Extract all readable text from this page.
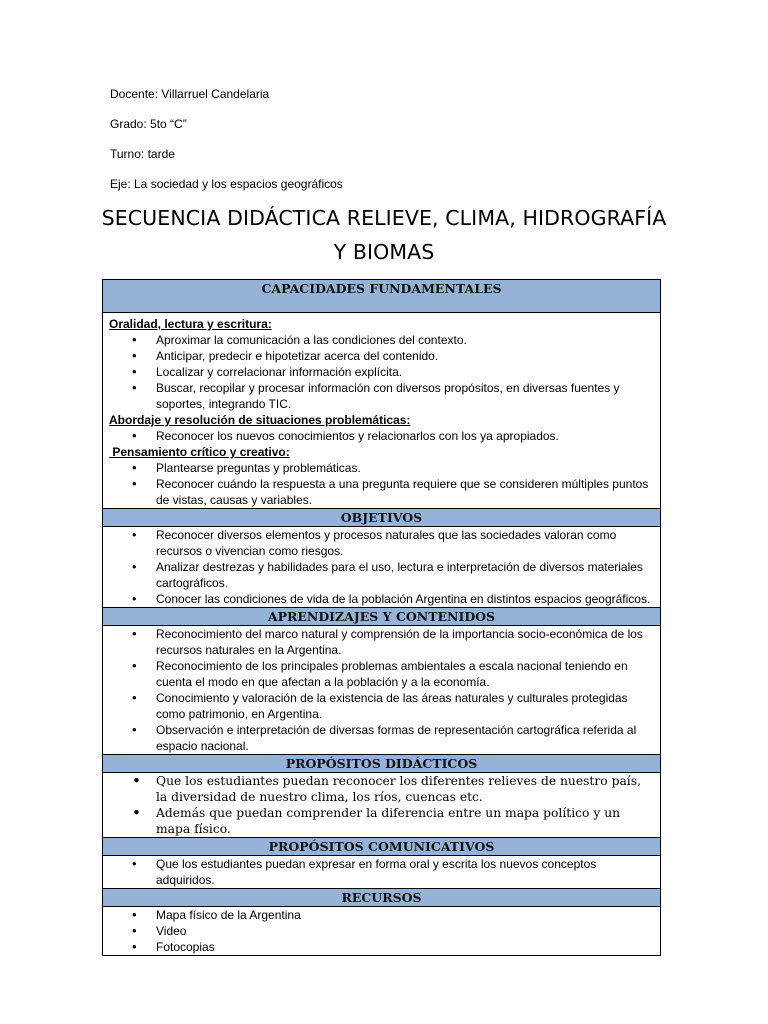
Docente: Villarruel Candelaria
Grado: 5to “C”
Turno: tarde
Eje: La sociedad y los espacios geográficos
SECUENCIA DIDÁCTICA RELIEVE, CLIMA, HIDROGRAFÍA Y BIOMAS
CAPACIDADES FUNDAMENTALES
Oralidad, lectura y escritura:
• Aproximar la comunicación a las condiciones del contexto.
• Anticipar, predecir e hipotetizar acerca del contenido.
• Localizar y correlacionar información explícita.
• Buscar, recopilar y procesar información con diversos propósitos, en diversas fuentes y soportes, integrando TIC.
Abordaje y resolución de situaciones problemáticas:
• Reconocer los nuevos conocimientos y relacionarlos con los ya apropiados.
Pensamiento crítico y creativo:
• Plantearse preguntas y problemáticas.
• Reconocer cuándo la respuesta a una pregunta requiere que se consideren múltiples puntos de vistas, causas y variables.
OBJETIVOS
• Reconocer diversos elementos y procesos naturales que las sociedades valoran como recursos o vivencian como riesgos.
• Analizar destrezas y habilidades para el uso, lectura e interpretación de diversos materiales cartográficos.
• Conocer las condiciones de vida de la población Argentina en distintos espacios geográficos.
APRENDIZAJES Y CONTENIDOS
• Reconocimiento del marco natural y comprensión de la importancia socio-económica de los recursos naturales en la Argentina.
• Reconocimiento de los principales problemas ambientales a escala nacional teniendo en cuenta el modo en que afectan a la población y a la economía.
• Conocimiento y valoración de la existencia de las áreas naturales y culturales protegidas como patrimonio, en Argentina.
• Observación e interpretación de diversas formas de representación cartográfica referida al espacio nacional.
PROPÓSITOS DIDÁCTICOS
• Que los estudiantes puedan reconocer los diferentes relieves de nuestro país, la diversidad de nuestro clima, los ríos, cuencas etc.
• Además que puedan comprender la diferencia entre un mapa político y un mapa físico.
PROPÓSITOS COMUNICATIVOS
• Que los estudiantes puedan expresar en forma oral y escrita los nuevos conceptos adquiridos.
RECURSOS
• Mapa físico de la Argentina
• Video
• Fotocopias
